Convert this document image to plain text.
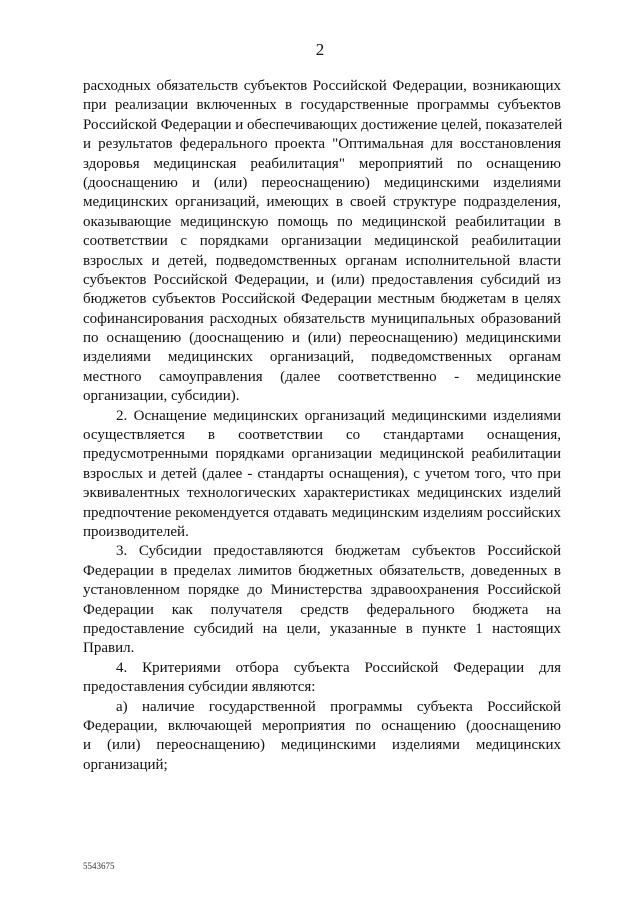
2
расходных обязательств субъектов Российской Федерации, возникающих
при реализации включенных в государственные программы субъектов
Российской Федерации и обеспечивающих достижение целей, показателей
и результатов федерального проекта "Оптимальная для восстановления
здоровья медицинская реабилитация" мероприятий по оснащению
(дооснащению и (или) переоснащению) медицинскими изделиями
медицинских организаций, имеющих в своей структуре подразделения,
оказывающие медицинскую помощь по медицинской реабилитации в
соответствии с порядками организации медицинской реабилитации
взрослых и детей, подведомственных органам исполнительной власти
субъектов Российской Федерации, и (или) предоставления субсидий из
бюджетов субъектов Российской Федерации местным бюджетам в целях
софинансирования расходных обязательств муниципальных образований
по оснащению (дооснащению и (или) переоснащению) медицинскими
изделиями медицинских организаций, подведомственных органам
местного самоуправления (далее соответственно - медицинские
организации, субсидии).
2. Оснащение медицинских организаций медицинскими изделиями
осуществляется в соответствии со стандартами оснащения,
предусмотренными порядками организации медицинской реабилитации
взрослых и детей (далее - стандарты оснащения), с учетом того, что при
эквивалентных технологических характеристиках медицинских изделий
предпочтение рекомендуется отдавать медицинским изделиям российских
производителей.
3. Субсидии предоставляются бюджетам субъектов Российской
Федерации в пределах лимитов бюджетных обязательств, доведенных в
установленном порядке до Министерства здравоохранения Российской
Федерации как получателя средств федерального бюджета на
предоставление субсидий на цели, указанные в пункте 1 настоящих
Правил.
4. Критериями отбора субъекта Российской Федерации для
предоставления субсидии являются:
а) наличие государственной программы субъекта Российской
Федерации, включающей мероприятия по оснащению (дооснащению
и (или) переоснащению) медицинскими изделиями медицинских
организаций;
5543675
